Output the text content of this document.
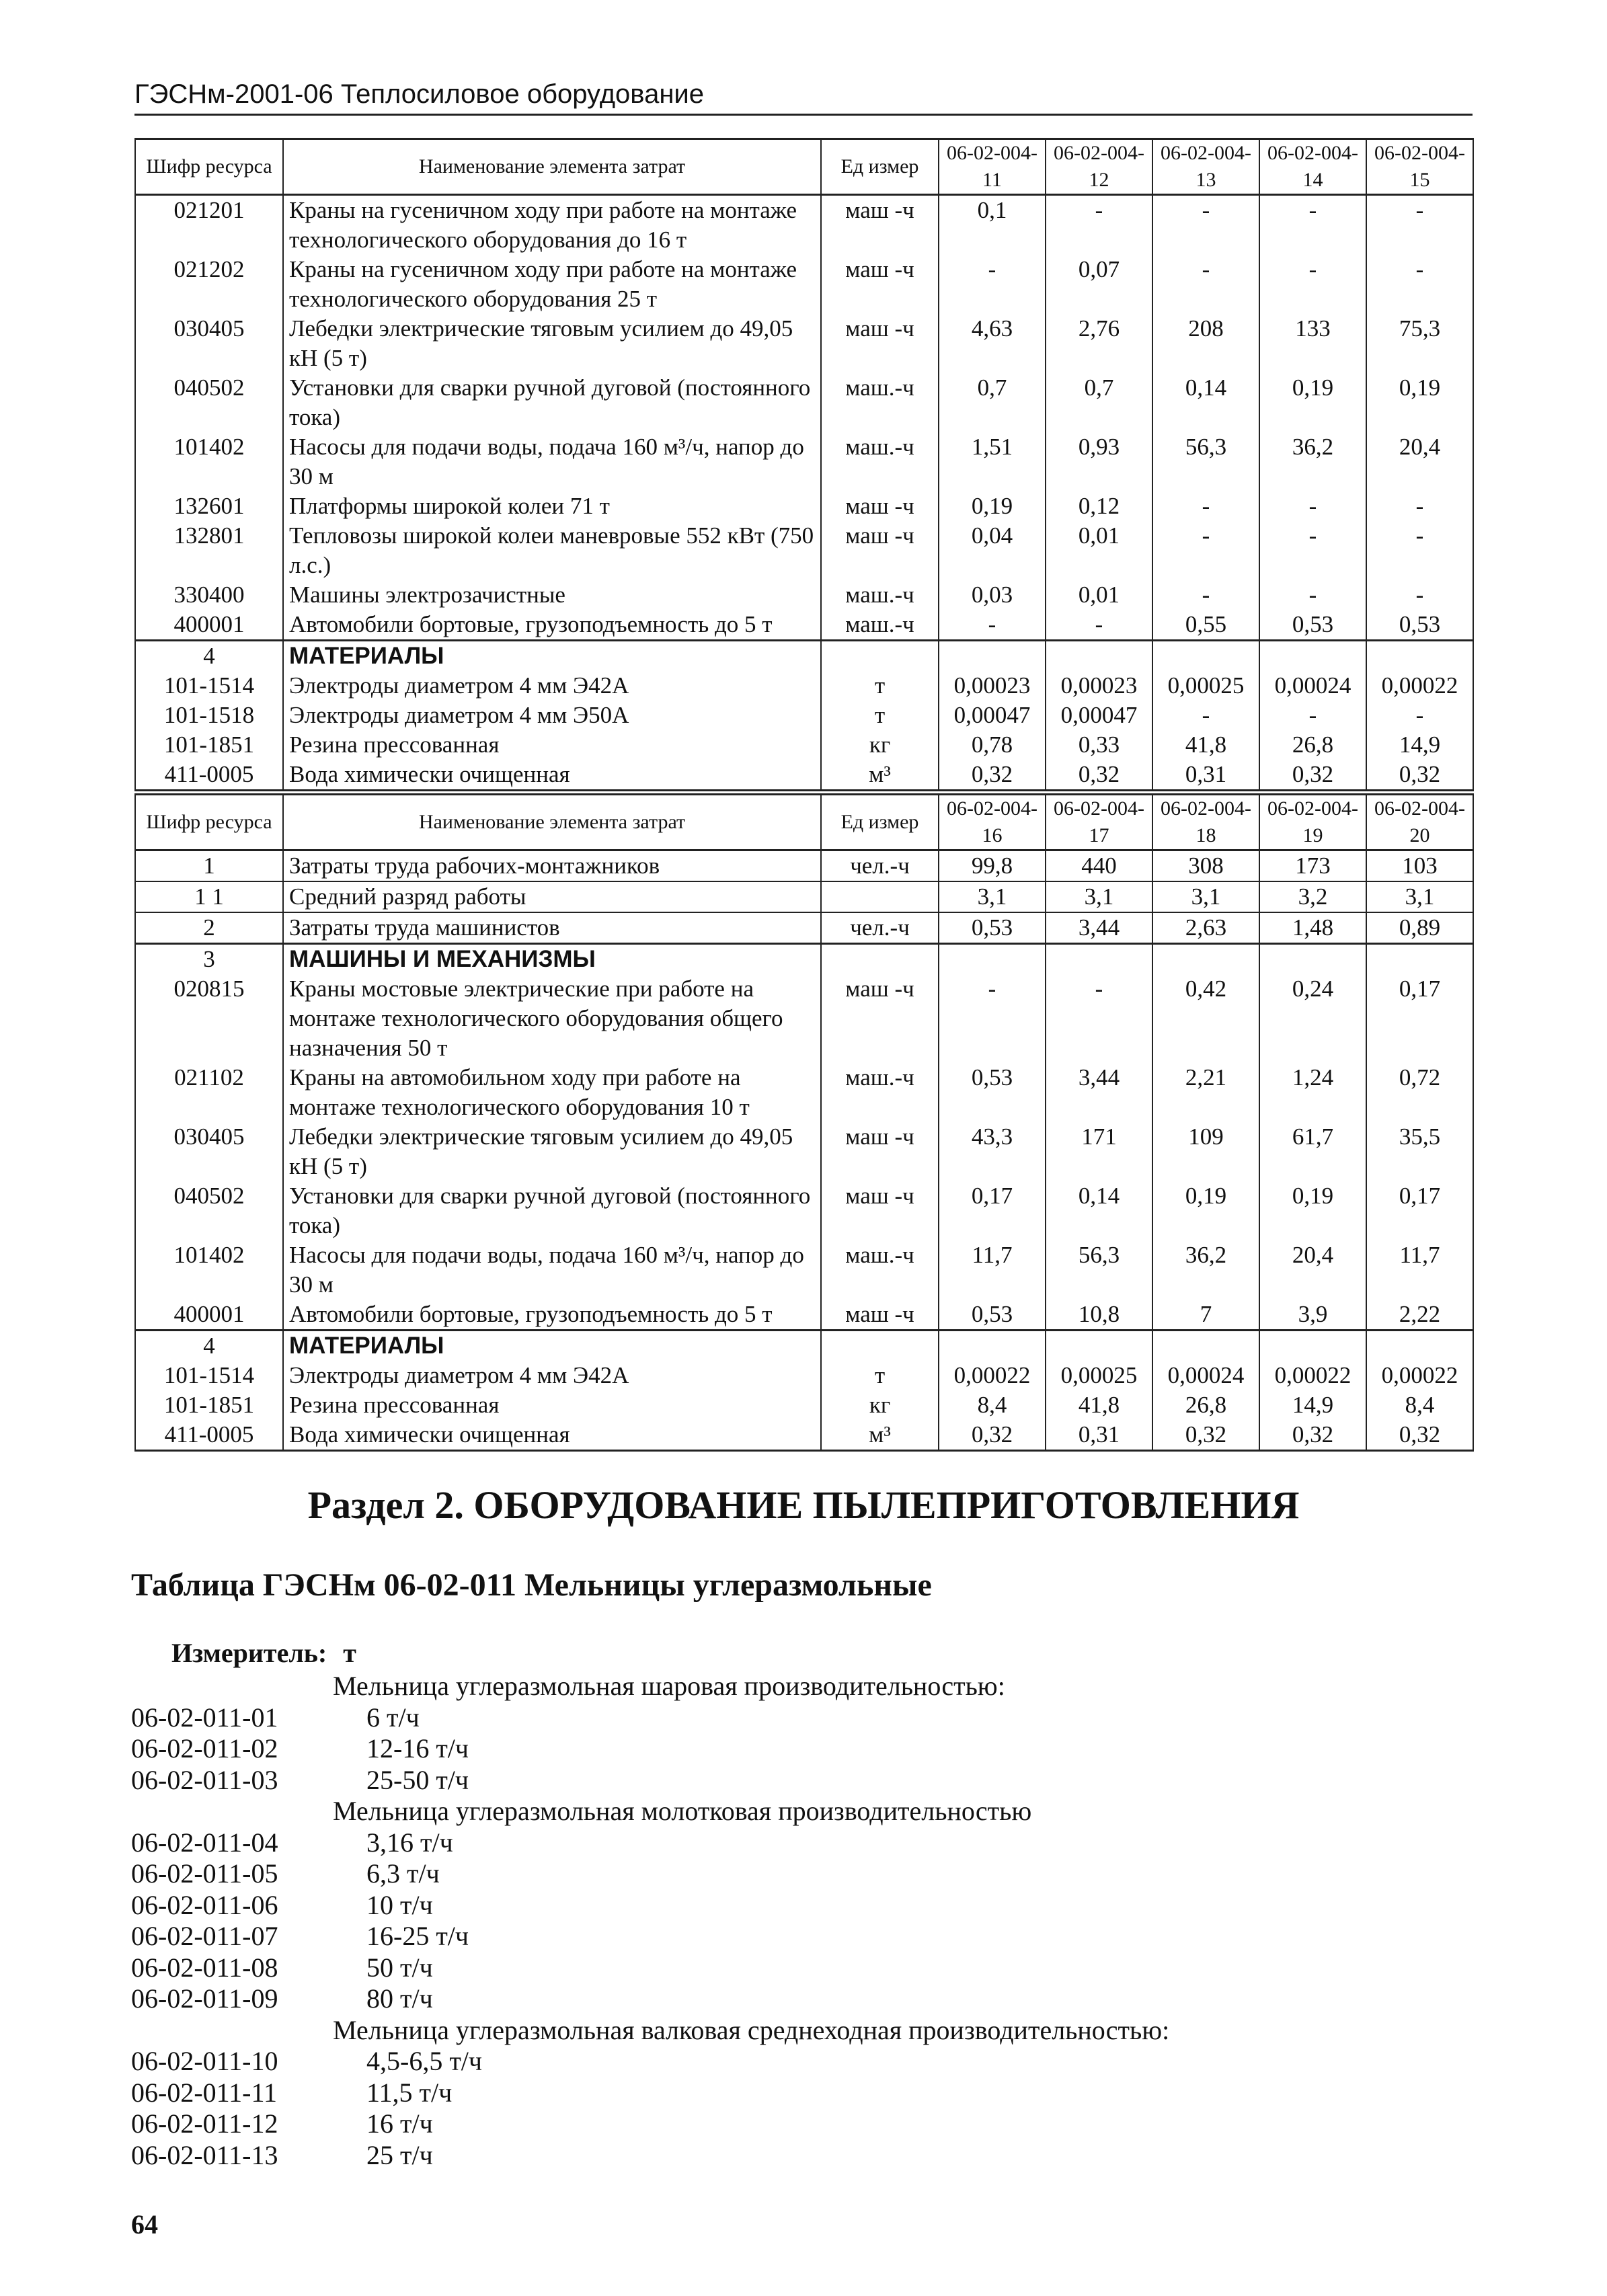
ГЭСНм-2001-06 Теплосиловое оборудование
Шифр ресурса	Наименование элемента затрат	Ед измер	06-02-004-11	06-02-004-12	06-02-004-13	06-02-004-14	06-02-004-15
021201	Краны на гусеничном ходу при работе на монтаже технологического оборудования до 16 т	маш -ч	0,1	-	-	-	-
021202	Краны на гусеничном ходу при работе на монтаже технологического оборудования 25 т	маш -ч	-	0,07	-	-	-
030405	Лебедки электрические тяговым усилием до 49,05 кН (5 т)	маш -ч	4,63	2,76	208	133	75,3
040502	Установки для сварки ручной дуговой (постоянного тока)	маш.-ч	0,7	0,7	0,14	0,19	0,19
101402	Насосы для подачи воды, подача 160 м³/ч, напор до 30 м	маш.-ч	1,51	0,93	56,3	36,2	20,4
132601	Платформы широкой колеи 71 т	маш -ч	0,19	0,12	-	-	-
132801	Тепловозы широкой колеи маневровые 552 кВт (750 л.с.)	маш -ч	0,04	0,01	-	-	-
330400	Машины электрозачистные	маш.-ч	0,03	0,01	-	-	-
400001	Автомобили бортовые, грузоподъемность до 5 т	маш.-ч	-	-	0,55	0,53	0,53
4	МАТЕРИАЛЫ						
101-1514	Электроды диаметром 4 мм Э42А	т	0,00023	0,00023	0,00025	0,00024	0,00022
101-1518	Электроды диаметром 4 мм Э50А	т	0,00047	0,00047	-	-	-
101-1851	Резина прессованная	кг	0,78	0,33	41,8	26,8	14,9
411-0005	Вода химически очищенная	м³	0,32	0,32	0,31	0,32	0,32
Шифр ресурса	Наименование элемента затрат	Ед измер	06-02-004-16	06-02-004-17	06-02-004-18	06-02-004-19	06-02-004-20
1	Затраты труда рабочих-монтажников	чел.-ч	99,8	440	308	173	103
1 1	Средний разряд работы		3,1	3,1	3,1	3,2	3,1
2	Затраты труда машинистов	чел.-ч	0,53	3,44	2,63	1,48	0,89
3	МАШИНЫ И МЕХАНИЗМЫ						
020815	Краны мостовые электрические при работе на монтаже технологического оборудования общего назначения 50 т	маш -ч	-	-	0,42	0,24	0,17
021102	Краны на автомобильном ходу при работе на монтаже технологического оборудования 10 т	маш.-ч	0,53	3,44	2,21	1,24	0,72
030405	Лебедки электрические тяговым усилием до 49,05 кН (5 т)	маш -ч	43,3	171	109	61,7	35,5
040502	Установки для сварки ручной дуговой (постоянного тока)	маш -ч	0,17	0,14	0,19	0,19	0,17
101402	Насосы для подачи воды, подача 160 м³/ч, напор до 30 м	маш.-ч	11,7	56,3	36,2	20,4	11,7
400001	Автомобили бортовые, грузоподъемность до 5 т	маш -ч	0,53	10,8	7	3,9	2,22
4	МАТЕРИАЛЫ						
101-1514	Электроды диаметром 4 мм Э42А	т	0,00022	0,00025	0,00024	0,00022	0,00022
101-1851	Резина прессованная	кг	8,4	41,8	26,8	14,9	8,4
411-0005	Вода химически очищенная	м³	0,32	0,31	0,32	0,32	0,32
Раздел 2. ОБОРУДОВАНИЕ ПЫЛЕПРИГОТОВЛЕНИЯ
Таблица ГЭСНм 06-02-011 Мельницы углеразмольные
Измеритель: т
Мельница углеразмольная шаровая производительностью:
06-02-011-01	6 т/ч
06-02-011-02	12-16 т/ч
06-02-011-03	25-50 т/ч
Мельница углеразмольная молотковая производительностью
06-02-011-04	3,16 т/ч
06-02-011-05	6,3 т/ч
06-02-011-06	10 т/ч
06-02-011-07	16-25 т/ч
06-02-011-08	50 т/ч
06-02-011-09	80 т/ч
Мельница углеразмольная валковая среднеходная производительностью:
06-02-011-10	4,5-6,5 т/ч
06-02-011-11	11,5 т/ч
06-02-011-12	16 т/ч
06-02-011-13	25 т/ч
64
